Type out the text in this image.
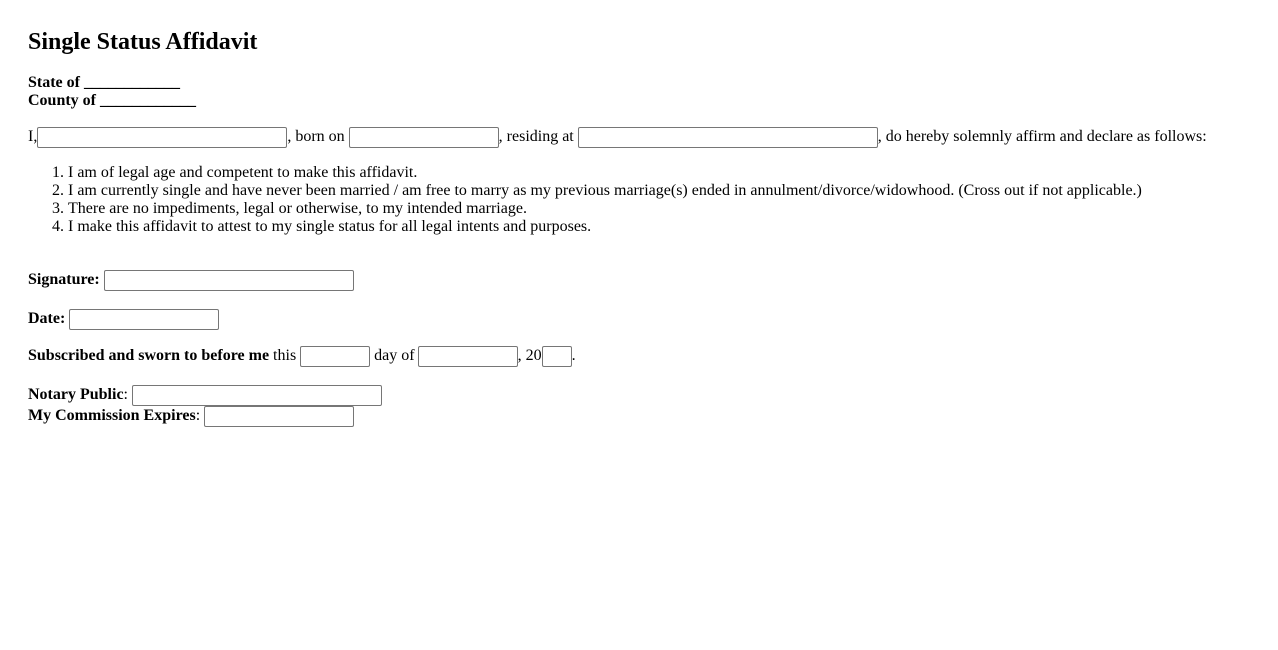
Single Status Affidavit
State of ____________
County of ____________
I,	, born on	, residing at	, do hereby solemnly affirm and declare as follows:
1. I am of legal age and competent to make this affidavit.
2. I am currently single and have never been married / am free to marry as my previous marriage(s) ended in annulment/divorce/widowhood. (Cross out if not applicable.)
3. There are no impediments, legal or otherwise, to my intended marriage.
4. I make this affidavit to attest to my single status for all legal intents and purposes.
Signature:
Date:
Subscribed and sworn to before me this	day of	, 20 .
Notary Public:
My Commission Expires:
